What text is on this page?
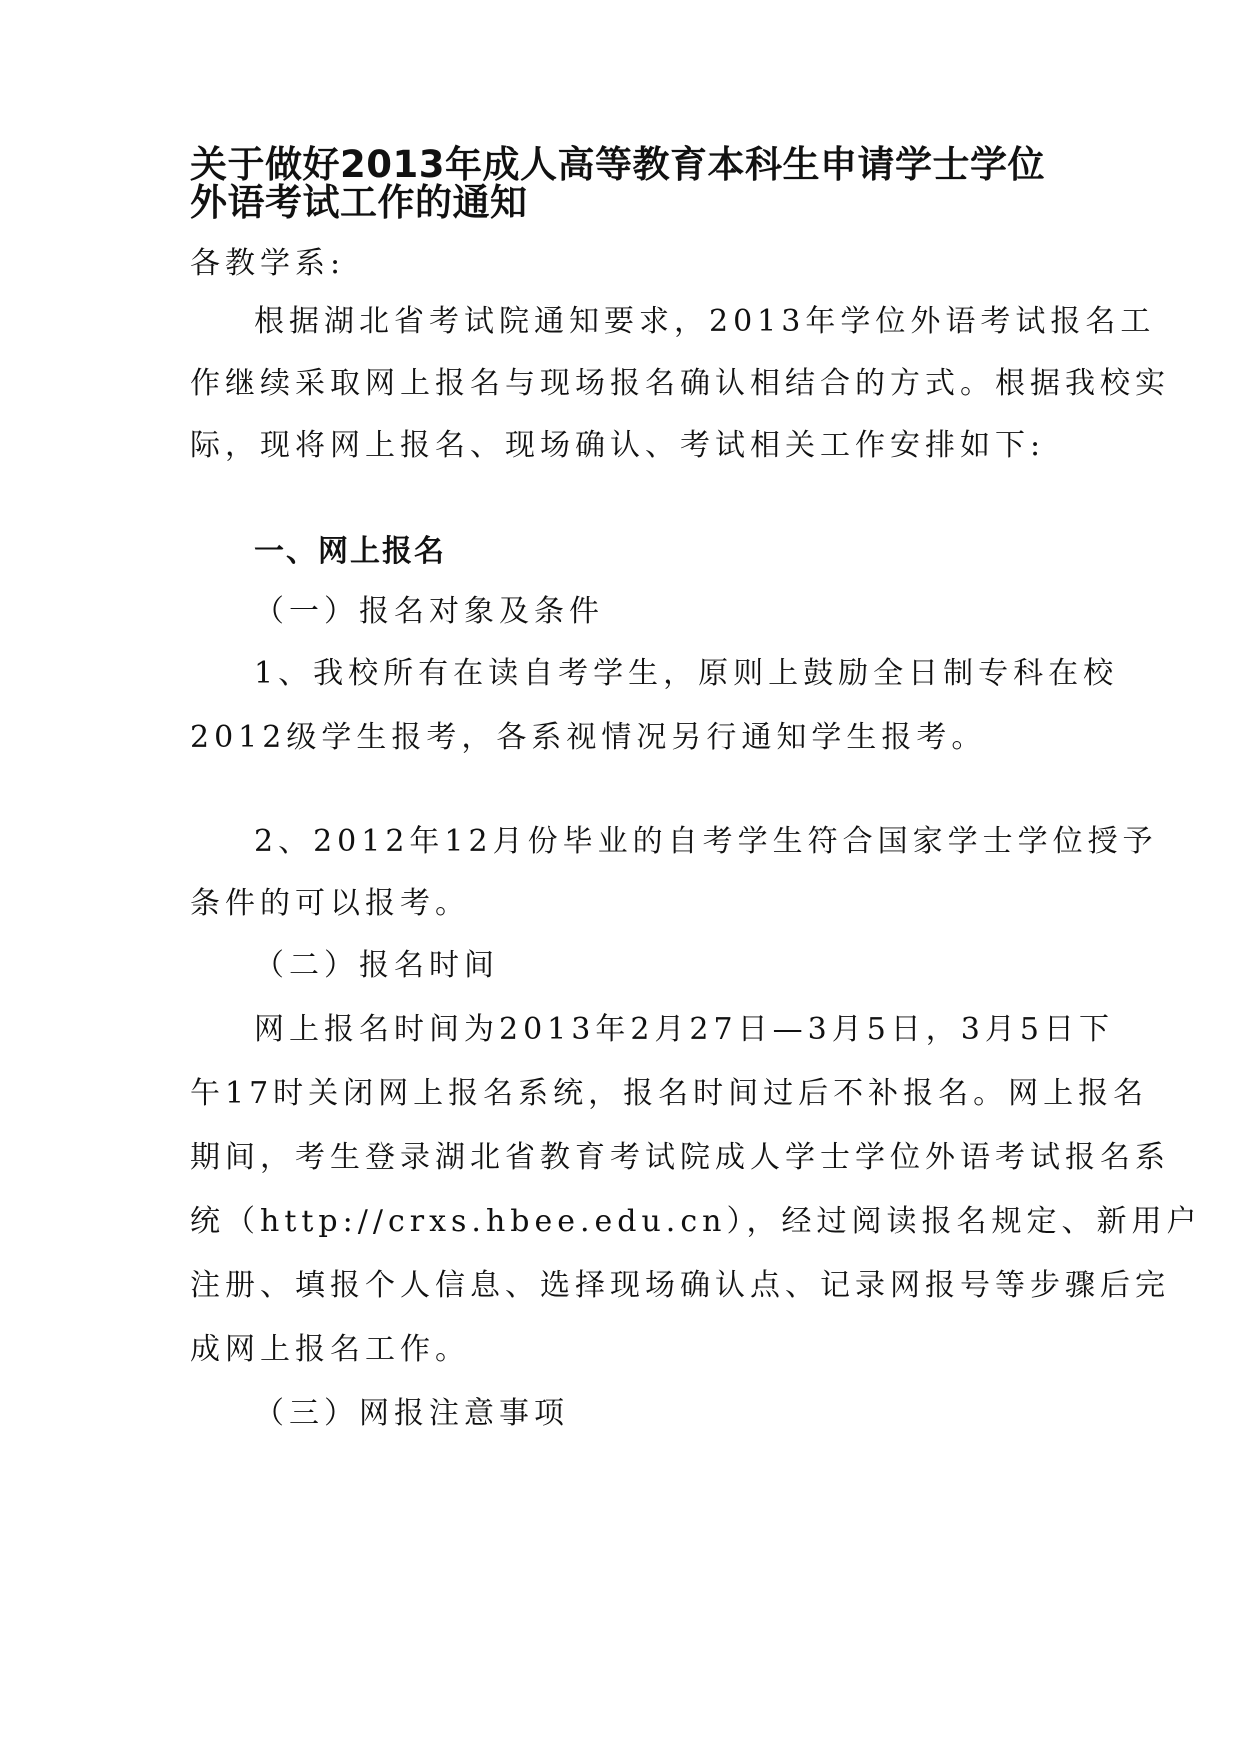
关于做好2013年成人高等教育本科生申请学士学位
外语考试工作的通知

各教学系:

根据湖北省考试院通知要求，2013年学位外语考试报名工

作继续采取网上报名与现场报名确认相结合的方式。根据我校实

际，现将网上报名、现场确认、考试相关工作安排如下:

一、网上报名

（一）报名对象及条件

1、我校所有在读自考学生，原则上鼓励全日制专科在校

2012级学生报考，各系视情况另行通知学生报考。

2、2012年12月份毕业的自考学生符合国家学士学位授予

条件的可以报考。

（二）报名时间

网上报名时间为2013年2月27日—3月5日，3月5日下

午17时关闭网上报名系统，报名时间过后不补报名。网上报名

期间，考生登录湖北省教育考试院成人学士学位外语考试报名系

统（http://crxs.hbee.edu.cn），经过阅读报名规定、新用户

注册、填报个人信息、选择现场确认点、记录网报号等步骤后完

成网上报名工作。

（三）网报注意事项
